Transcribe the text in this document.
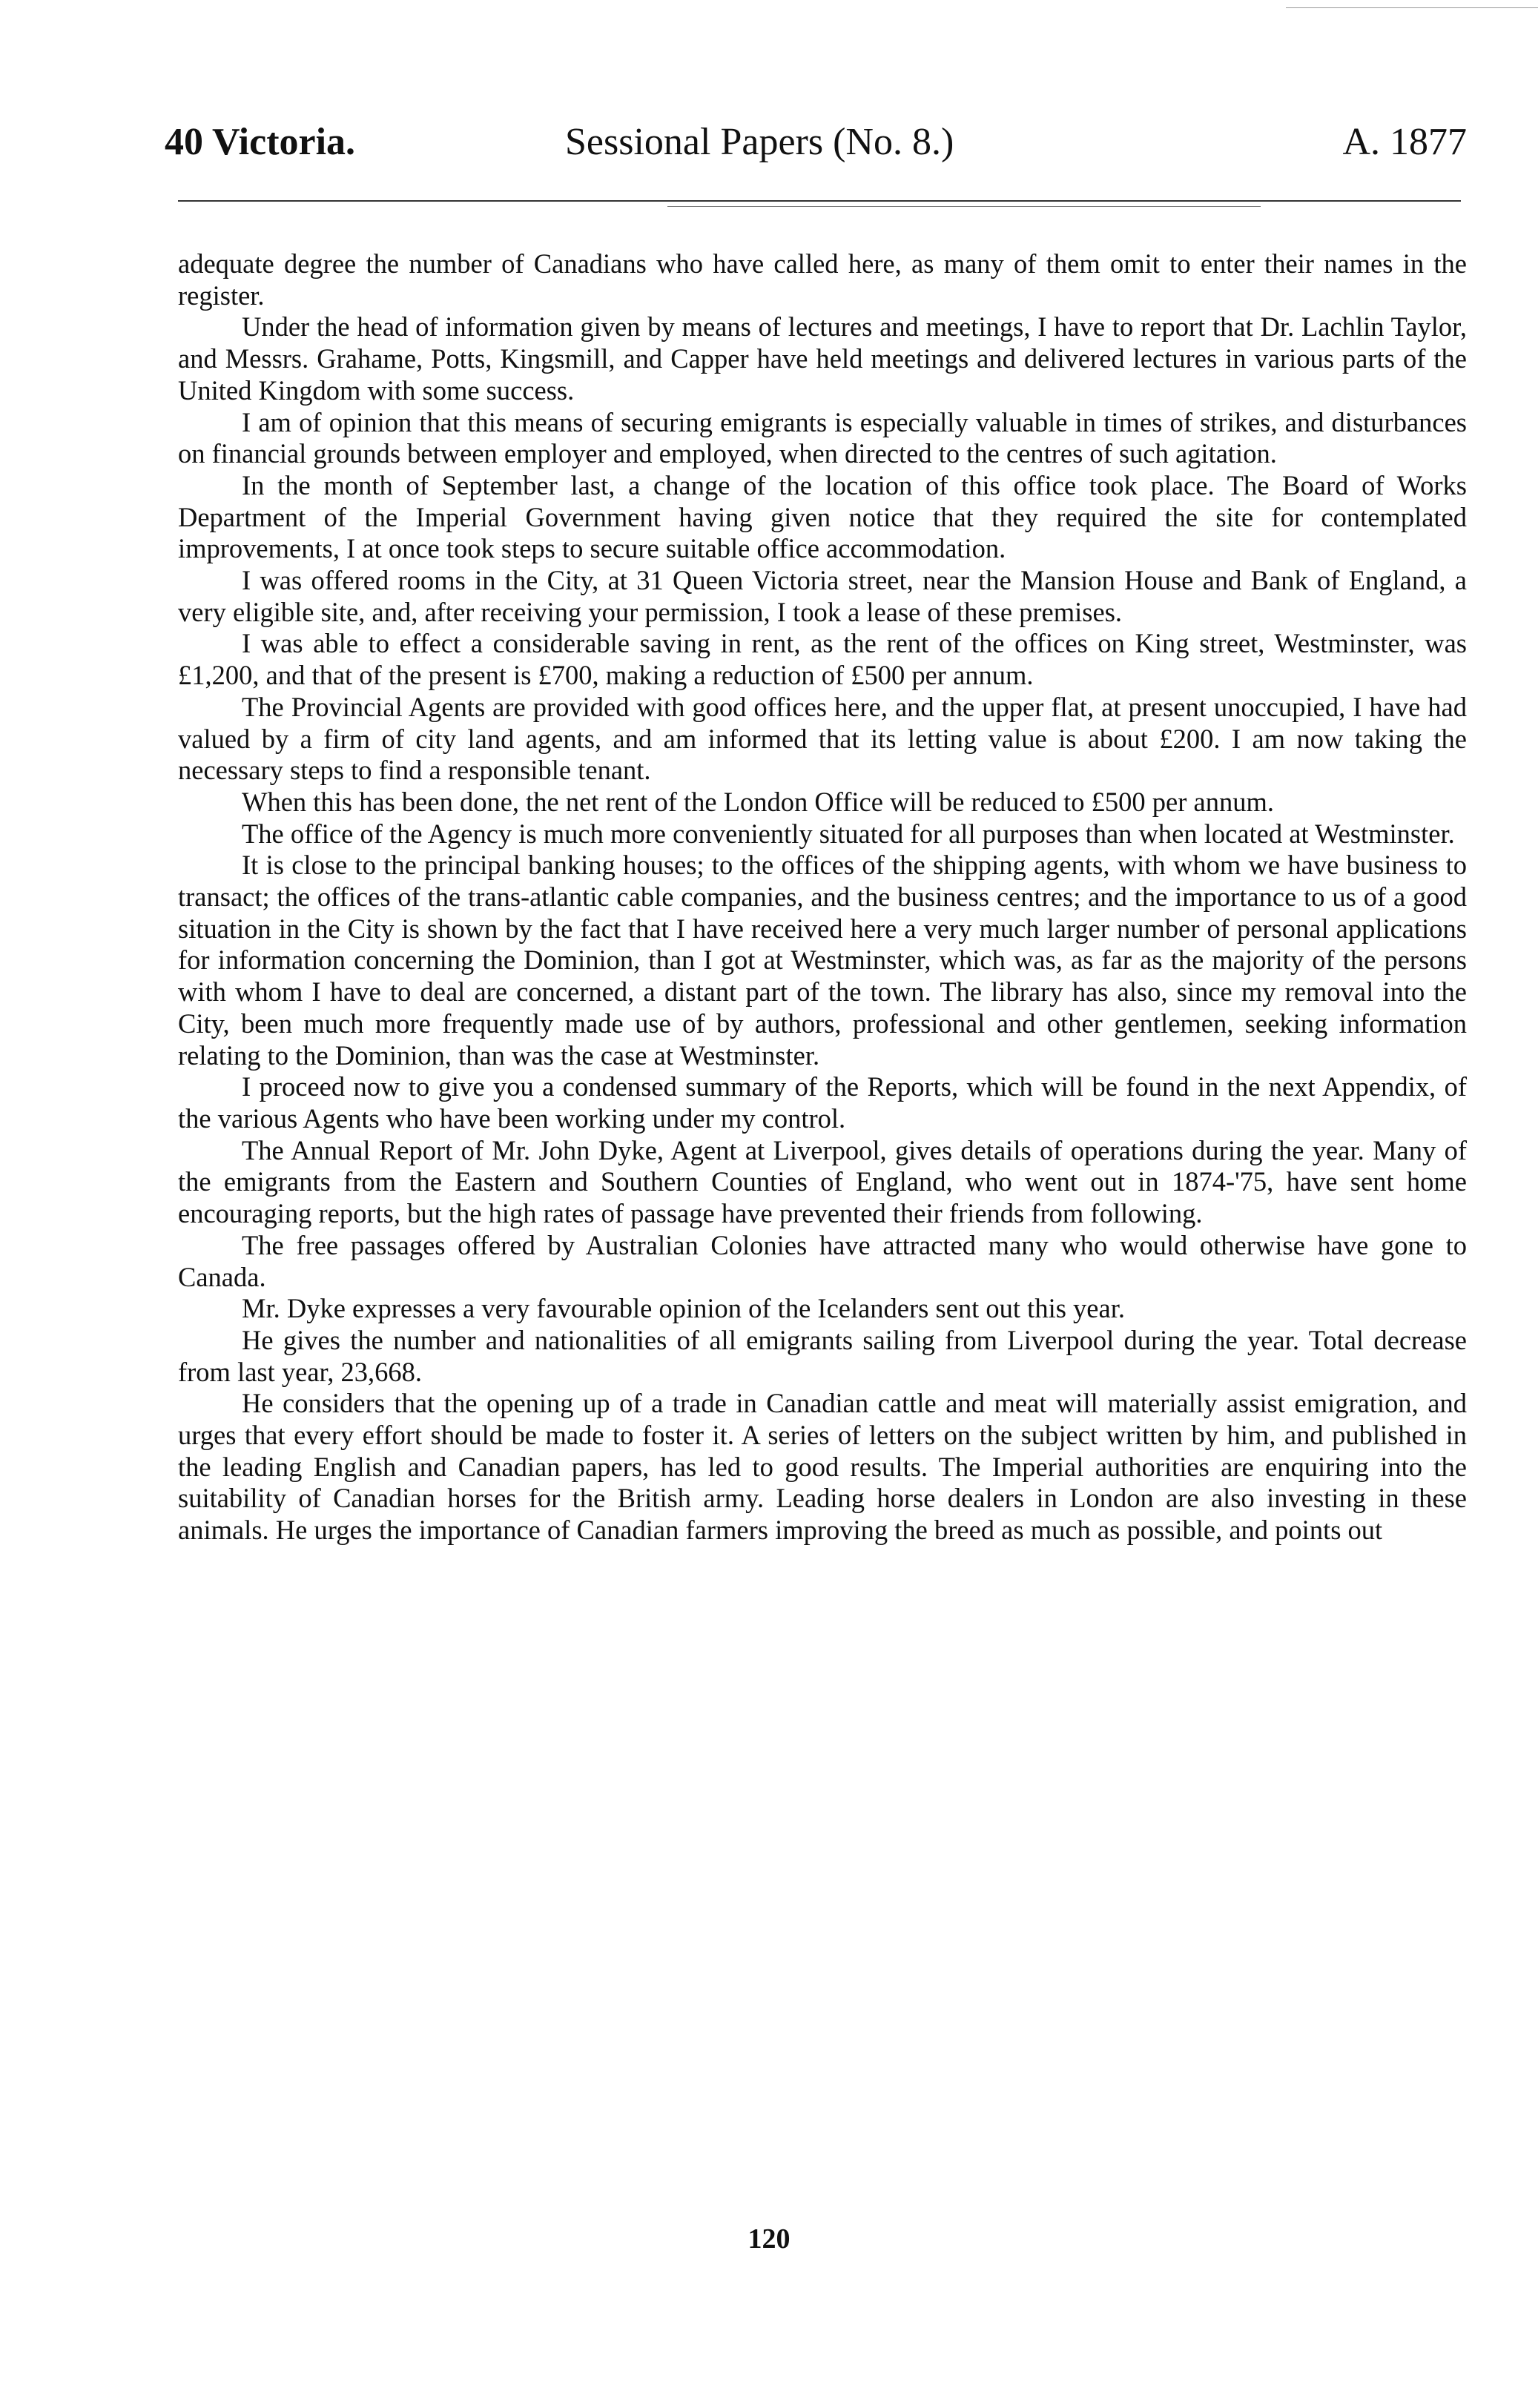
40 Victoria.	Sessional Papers (No. 8.)	A. 1877

adequate degree the number of Canadians who have called here, as many of them omit to enter their names in the register.

Under the head of information given by means of lectures and meetings, I have to report that Dr. Lachlin Taylor, and Messrs. Grahame, Potts, Kingsmill, and Capper have held meetings and delivered lectures in various parts of the United Kingdom with some success.

I am of opinion that this means of securing emigrants is especially valuable in times of strikes, and disturbances on financial grounds between employer and employed, when directed to the centres of such agitation.

In the month of September last, a change of the location of this office took place. The Board of Works Department of the Imperial Government having given notice that they required the site for contemplated improvements, I at once took steps to secure suitable office accommodation.

I was offered rooms in the City, at 31 Queen Victoria street, near the Mansion House and Bank of England, a very eligible site, and, after receiving your permission, I took a lease of these premises.

I was able to effect a considerable saving in rent, as the rent of the offices on King street, Westminster, was £1,200, and that of the present is £700, making a reduction of £500 per annum.

The Provincial Agents are provided with good offices here, and the upper flat, at present unoccupied, I have had valued by a firm of city land agents, and am informed that its letting value is about £200. I am now taking the necessary steps to find a responsible tenant.

When this has been done, the net rent of the London Office will be reduced to £500 per annum.

The office of the Agency is much more conveniently situated for all purposes than when located at Westminster.

It is close to the principal banking houses; to the offices of the shipping agents, with whom we have business to transact; the offices of the trans-atlantic cable companies, and the business centres; and the importance to us of a good situation in the City is shown by the fact that I have received here a very much larger number of personal applications for information concerning the Dominion, than I got at Westminster, which was, as far as the majority of the persons with whom I have to deal are concerned, a distant part of the town. The library has also, since my removal into the City, been much more frequently made use of by authors, professional and other gentlemen, seeking information relating to the Dominion, than was the case at Westminster.

I proceed now to give you a condensed summary of the Reports, which will be found in the next Appendix, of the various Agents who have been working under my control.

The Annual Report of Mr. John Dyke, Agent at Liverpool, gives details of operations during the year. Many of the emigrants from the Eastern and Southern Counties of England, who went out in 1874-'75, have sent home encouraging reports, but the high rates of passage have prevented their friends from following.

The free passages offered by Australian Colonies have attracted many who would otherwise have gone to Canada.

Mr. Dyke expresses a very favourable opinion of the Icelanders sent out this year.

He gives the number and nationalities of all emigrants sailing from Liverpool during the year. Total decrease from last year, 23,668.

He considers that the opening up of a trade in Canadian cattle and meat will materially assist emigration, and urges that every effort should be made to foster it. A series of letters on the subject written by him, and published in the leading English and Canadian papers, has led to good results. The Imperial authorities are enquiring into the suitability of Canadian horses for the British army. Leading horse dealers in London are also investing in these animals. He urges the importance of Canadian farmers improving the breed as much as possible, and points out

120
